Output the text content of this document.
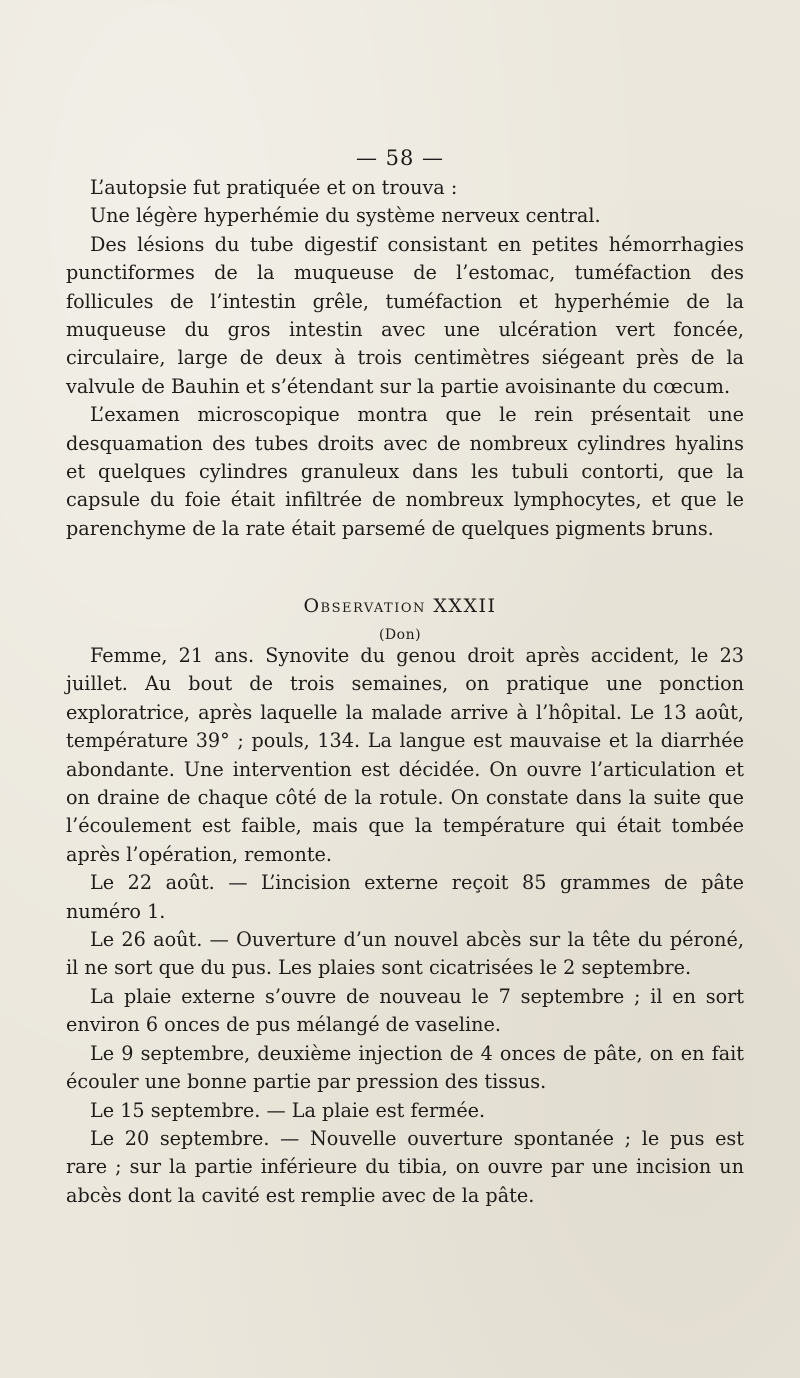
— 58 —

L’autopsie fut pratiquée et on trouva :

Une légère hyperhémie du système nerveux central.

Des lésions du tube digestif consistant en petites hémorrhagies punctiformes de la muqueuse de l’estomac, tuméfaction des follicules de l’intestin grêle, tuméfaction et hyperhémie de la muqueuse du gros intestin avec une ulcération vert foncée, circulaire, large de deux à trois centimètres siégeant près de la valvule de Bauhin et s’étendant sur la partie avoisinante du cœcum.

L’examen microscopique montra que le rein présentait une desquamation des tubes droits avec de nombreux cylindres hyalins et quelques cylindres granuleux dans les tubuli contorti, que la capsule du foie était infiltrée de nombreux lymphocytes, et que le parenchyme de la rate était parsemé de quelques pigments bruns.

Observation XXXII
(Don)

Femme, 21 ans. Synovite du genou droit après accident, le 23 juillet. Au bout de trois semaines, on pratique une ponction exploratrice, après laquelle la malade arrive à l’hôpital. Le 13 août, température 39° ; pouls, 134. La langue est mauvaise et la diarrhée abondante. Une intervention est décidée. On ouvre l’articulation et on draine de chaque côté de la rotule. On constate dans la suite que l’écoulement est faible, mais que la température qui était tombée après l’opération, remonte.

Le 22 août. — L’incision externe reçoit 85 grammes de pâte numéro 1.

Le 26 août. — Ouverture d’un nouvel abcès sur la tête du péroné, il ne sort que du pus. Les plaies sont cicatrisées le 2 septembre.

La plaie externe s’ouvre de nouveau le 7 septembre ; il en sort environ 6 onces de pus mélangé de vaseline.

Le 9 septembre, deuxième injection de 4 onces de pâte, on en fait écouler une bonne partie par pression des tissus.

Le 15 septembre. — La plaie est fermée.

Le 20 septembre. — Nouvelle ouverture spontanée ; le pus est rare ; sur la partie inférieure du tibia, on ouvre par une incision un abcès dont la cavité est remplie avec de la pâte.
